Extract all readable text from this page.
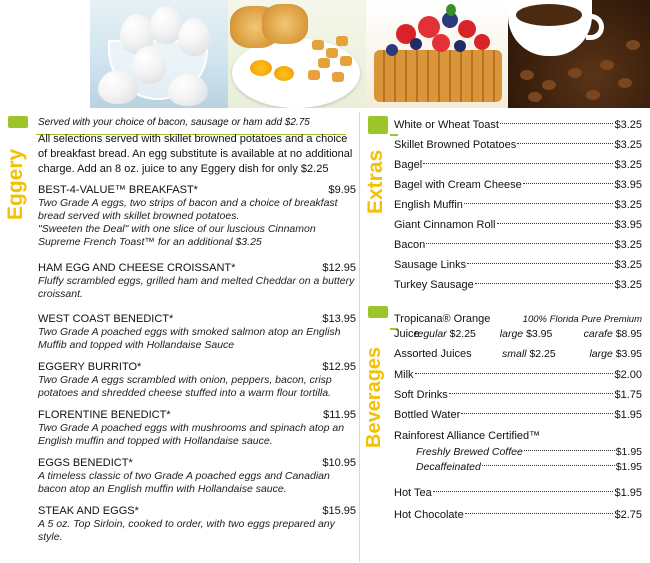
Eggery
Served with your choice of bacon, sausage or ham add $2.75
All selections served with skillet browned potatoes and a choice of breakfast bread. An egg substitute is available at no additional charge. Add an 8 oz. juice to any Eggery dish for only $2.25
BEST-4-VALUE™ BREAKFAST*	$9.95
Two Grade A eggs, two strips of bacon and a choice of breakfast bread served with skillet browned potatoes.
"Sweeten the Deal" with one slice of our luscious Cinnamon Supreme French Toast™ for an additional $3.25
HAM EGG AND CHEESE CROISSANT*	$12.95
Fluffy scrambled eggs, grilled ham and melted Cheddar on a buttery croissant.
WEST COAST BENEDICT*	$13.95
Two Grade A poached eggs with smoked salmon atop an English Muffib and topped with Hollandaise Sauce
EGGERY BURRITO*	$12.95
Two Grade A eggs scrambled with onion, peppers, bacon, crisp potatoes and shredded cheese stuffed into a warm flour tortilla.
FLORENTINE BENEDICT*	$11.95
Two Grade A poached eggs with mushrooms and spinach atop an English muffin and topped with Hollandaise sauce.
EGGS BENEDICT*	$10.95
A timeless classic of two Grade A poached eggs and Canadian bacon atop an English muffin with Hollandaise sauce.
STEAK AND EGGS*	$15.95
A 5 oz. Top Sirloin, cooked to order, with two eggs prepared any style.
Extras
White or Wheat Toast	$3.25
Skillet Browned Potatoes	$3.25
Bagel	$3.25
Bagel with Cream Cheese	$3.95
English Muffin	$3.25
Giant Cinnamon Roll	$3.95
Bacon	$3.25
Sausage Links	$3.25
Turkey Sausage	$3.25
Beverages
Tropicana® Orange Juice
100% Florida Pure Premium
regular $2.25	large $3.95	carafe $8.95
Assorted Juices	small $2.25	large $3.95
Milk	$2.00
Soft Drinks	$1.75
Bottled Water	$1.95
Rainforest Alliance Certified™
Freshly Brewed Coffee	$1.95
Decaffeinated	$1.95
Hot Tea	$1.95
Hot Chocolate	$2.75
